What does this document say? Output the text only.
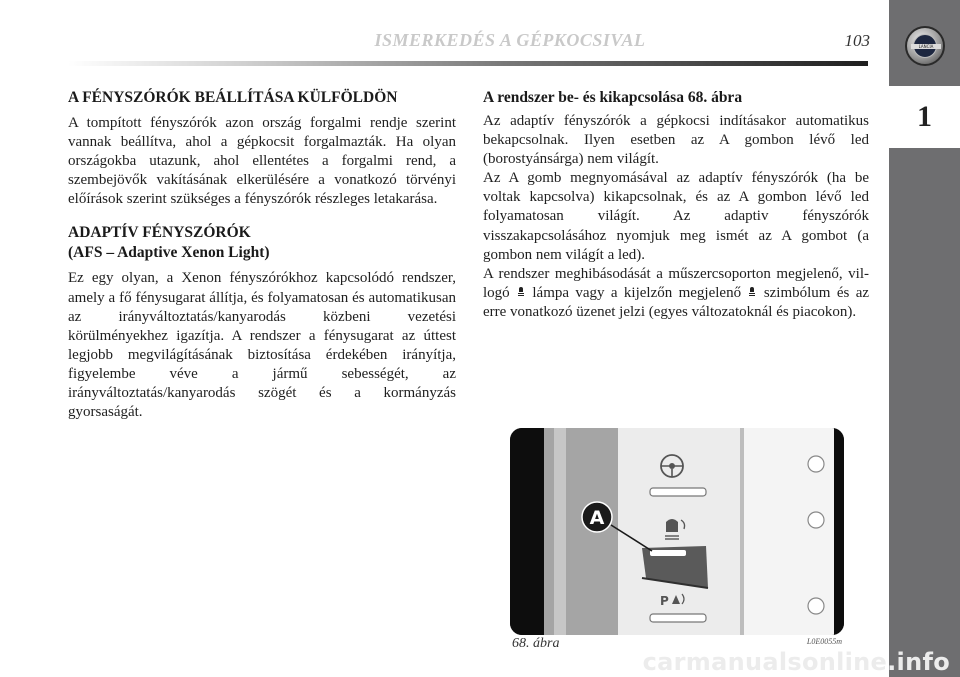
ISMERKEDÉS A GÉPKOCSIVAL	103	LANCIA
1
A FÉNYSZÓRÓK BEÁLLÍTÁSA KÜLFÖLDÖN

A tompított fényszórók azon ország forgalmi rendje szerint vannak beállítva, ahol a gépkocsit forgalmazták. Ha olyan országokba utazunk, ahol ellentétes a forgalmi rend, a szembejövők vakításának elkerülésére a vonatkozó törvényi előírások szerint szükséges a fényszórók részleges letakarása.

ADAPTÍV FÉNYSZÓRÓK
(AFS – Adaptive Xenon Light)

Ez egy olyan, a Xenon fényszórókhoz kapcsolódó rendszer, amely a fő fénysugarat állítja, és folyamatosan és automatikusan az irányváltoztatás/kanyarodás közbeni vezetési körülményekhez igazítja. A rendszer a fénysugarat az úttest legjobb megvilágításának biztosítása érdekében irányítja, figyelembe véve a jármű sebességét, az irányváltoztatás/kanyarodás szögét és a kormányzás gyorsaságát.

A rendszer be- és kikapcsolása 68. ábra

Az adaptív fényszórók a gépkocsi indításakor automatikus bekapcsolnak. Ilyen esetben az A gombon lévő led (borostyánsárga) nem világít.

Az A gomb megnyomásával az adaptív fényszórók (ha be voltak kapcsolva) kikapcsolnak, és az A gombon lévő led folyamatosan világít. Az adaptiv fényszórók visszakapcsolásához nyomjuk meg ismét az A gombot (a gombon nem világít a led).

A rendszer meghibásodását a műszercsoporton megjelenő, vil-logó lámpa vagy a kijelzőn megjelenő szimbólum és az erre vonatkozó üzenet jelzi (egyes változatoknál és piacokon).

P
A
68. ábra	L0E0055m
carmanualsonline.info
